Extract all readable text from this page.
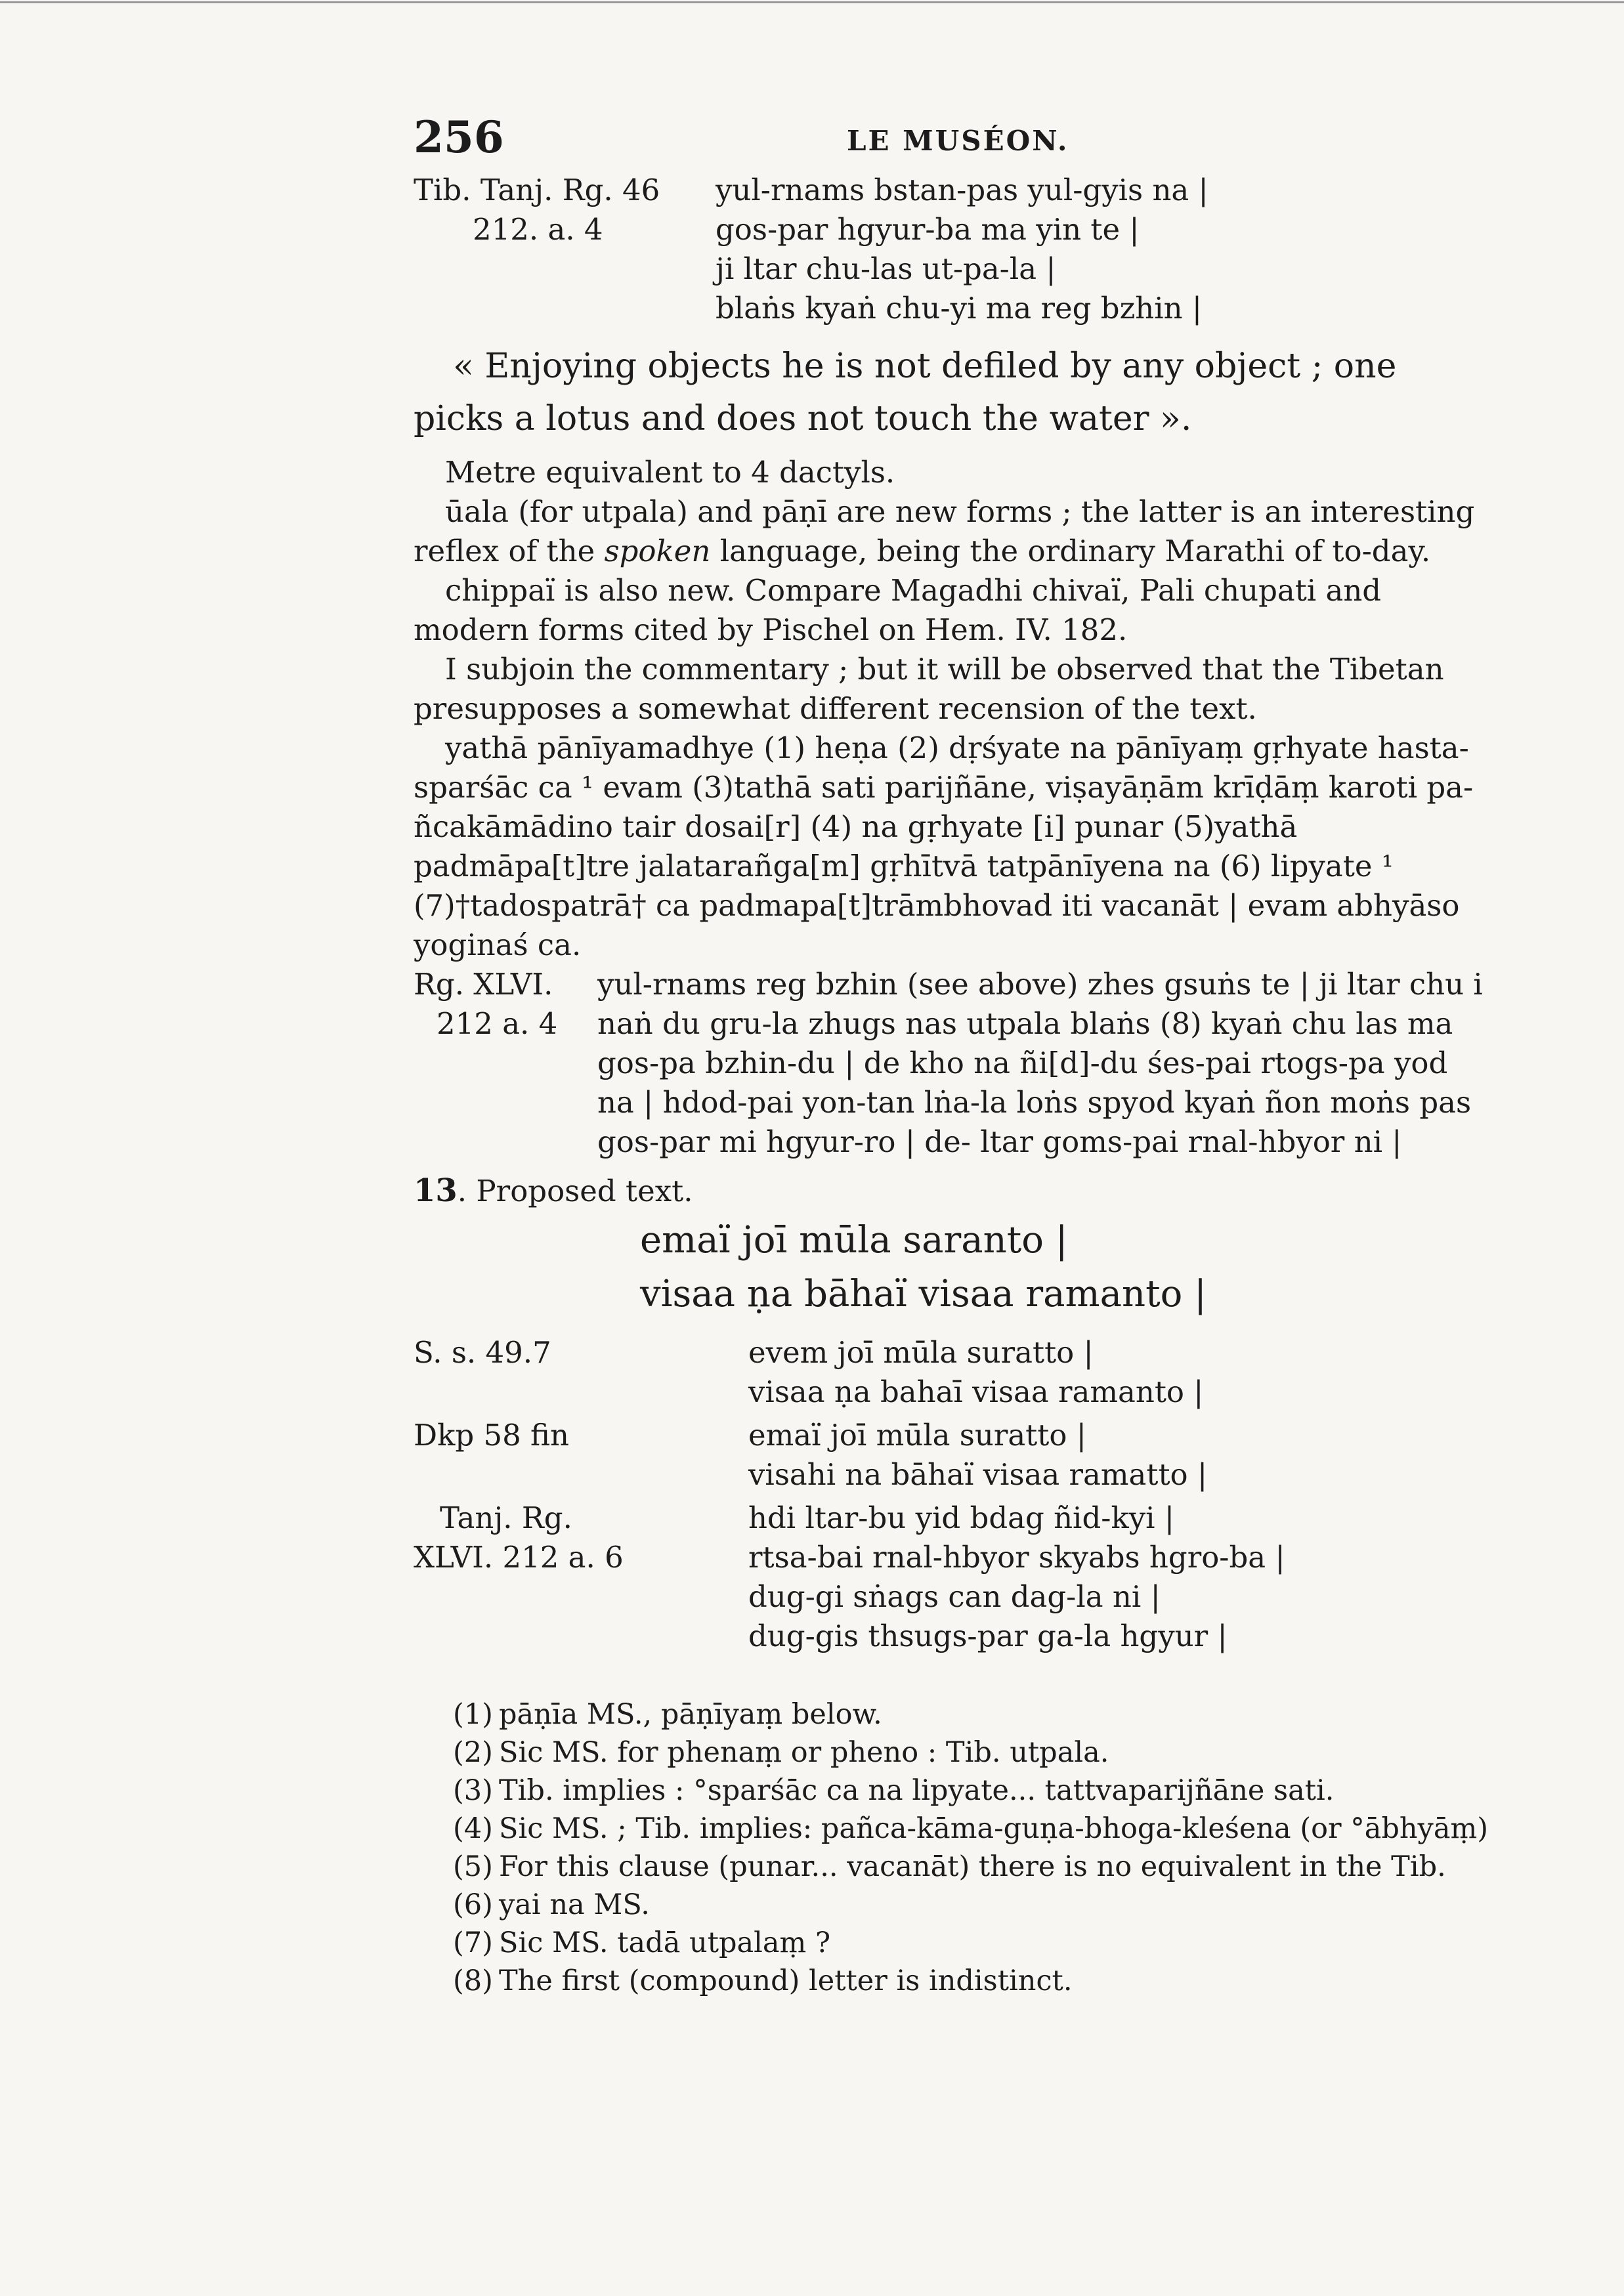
256	LE MUSÉON.
Tib. Tanj. Rg. 46	yul-rnams bstan-pas yul-gyis na |
212. a. 4	gos-par hgyur-ba ma yin te |
ji ltar chu-las ut-pa-la |
blaṅs kyaṅ chu-yi ma reg bzhin |

« Enjoying objects he is not defiled by any object ; one picks a lotus and does not touch the water ».

Metre equivalent to 4 dactyls.

ūala (for utpala) and pāṇī are new forms ; the latter is an interesting reflex of the spoken language, being the ordinary Marathi of to-day.

chippaï is also new. Compare Magadhi chivaï, Pali chupati and modern forms cited by Pischel on Hem. IV. 182.

I subjoin the commentary ; but it will be observed that the Tibetan presupposes a somewhat different recension of the text.

yathā pānīyamadhye (1) heṇa (2) dṛśyate na pānīyaṃ gṛhyate hasta-sparśāc ca ¹ evam (3)tathā sati parijñāne, viṣayāṇām krīḍāṃ karoti pa-ñcakāmādino tair dosai[r] (4) na gṛhyate [i] punar (5)yathā padmāpa[t]tre jalatarañga[m] gṛhītvā tatpānīyena na (6) lipyate ¹ (7)†tadospatrā† ca padmapa[t]trāmbhovad iti vacanāt | evam abhyāso yoginaś ca.

Rg. XLVI.	yul-rnams reg bzhin (see above) zhes gsuṅs te | ji ltar chu i
212 a. 4	naṅ du gru-la zhugs nas utpala blaṅs (8) kyaṅ chu las ma gos-pa bzhin-du | de kho na ñi[d]-du śes-pai rtogs-pa yod na | hdod-pai yon-tan lṅa-la loṅs spyod kyaṅ ñon moṅs pas gos-par mi hgyur-ro | de- ltar goms-pai rnal-hbyor ni |
13. Proposed text.
emaï joī mūla saranto |
visaa ṇa bāhaï visaa ramanto |
S. s. 49.7	evem joī mūla suratto |
visaa ṇa bahaī visaa ramanto |
Dkp 58 fin	emaï joī mūla suratto |
visahi na bāhaï visaa ramatto |
Tanj. Rg.	hdi ltar-bu yid bdag ñid-kyi |
XLVI. 212 a. 6	rtsa-bai rnal-hbyor skyabs hgro-ba |
dug-gi sṅags can dag-la ni |
dug-gis thsugs-par ga-la hgyur |
(1) pāṇīa MS., pāṇīyaṃ below.
(2) Sic MS. for phenaṃ or pheno : Tib. utpala.
(3) Tib. implies : °sparśāc ca na lipyate... tattvaparijñāne sati.
(4) Sic MS. ; Tib. implies: pañca-kāma-guṇa-bhoga-kleśena (or °ābhyāṃ)
(5) For this clause (punar... vacanāt) there is no equivalent in the Tib.
(6) yai na MS.
(7) Sic MS. tadā utpalaṃ ?
(8) The first (compound) letter is indistinct.
